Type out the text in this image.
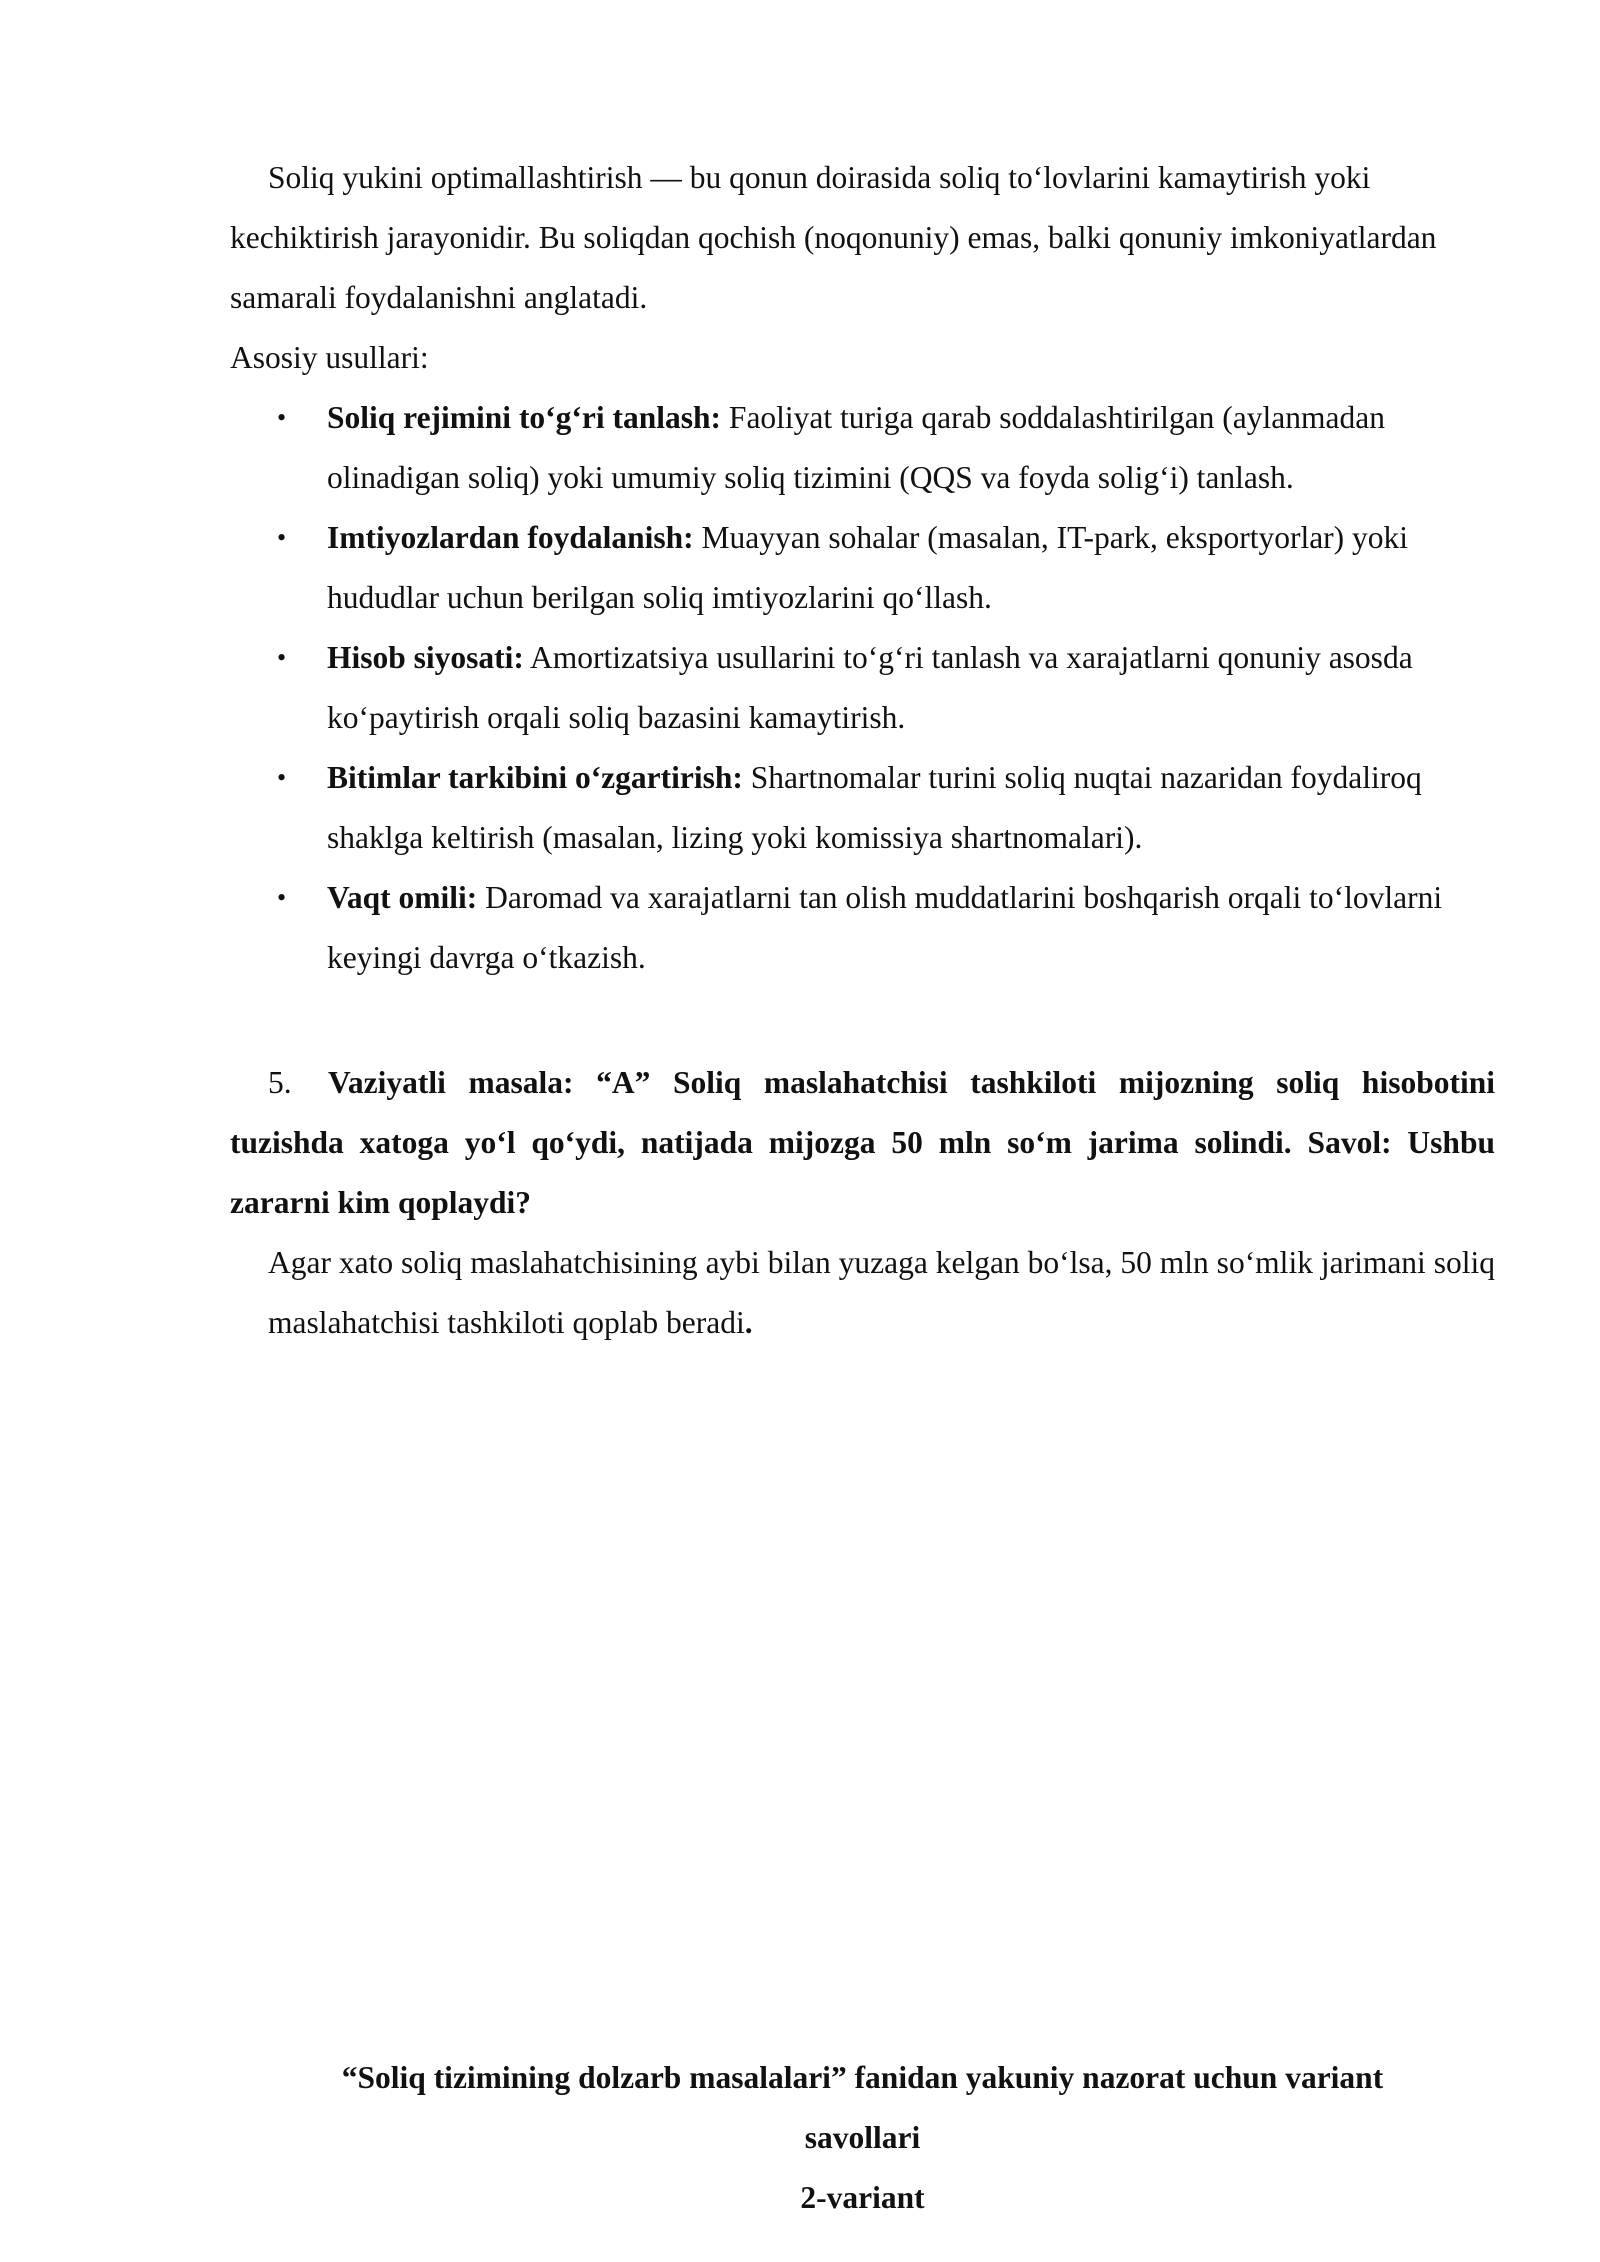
Soliq yukini optimallashtirish — bu qonun doirasida soliq to‘lovlarini kamaytirish yoki kechiktirish jarayonidir. Bu soliqdan qochish (noqonuniy) emas, balki qonuniy imkoniyatlardan samarali foydalanishni anglatadi.

Asosiy usullari:

• Soliq rejimini to‘g‘ri tanlash: Faoliyat turiga qarab soddalashtirilgan (aylanmadan olinadigan soliq) yoki umumiy soliq tizimini (QQS va foyda solig‘i) tanlash.
• Imtiyozlardan foydalanish: Muayyan sohalar (masalan, IT-park, eksportyorlar) yoki hududlar uchun berilgan soliq imtiyozlarini qo‘llash.
• Hisob siyosati: Amortizatsiya usullarini to‘g‘ri tanlash va xarajatlarni qonuniy asosda ko‘paytirish orqali soliq bazasini kamaytirish.
• Bitimlar tarkibini o‘zgartirish: Shartnomalar turini soliq nuqtai nazaridan foydaliroq shaklga keltirish (masalan, lizing yoki komissiya shartnomalari).
• Vaqt omili: Daromad va xarajatlarni tan olish muddatlarini boshqarish orqali to‘lovlarni keyingi davrga o‘tkazish.

5. Vaziyatli masala: “A” Soliq maslahatchisi tashkiloti mijozning soliq hisobotini tuzishda xatoga yo‘l qo‘ydi, natijada mijozga 50 mln so‘m jarima solindi. Savol: Ushbu zararni kim qoplaydi?

Agar xato soliq maslahatchisining aybi bilan yuzaga kelgan bo‘lsa, 50 mln so‘mlik jarimani soliq maslahatchisi tashkiloti qoplab beradi.

“Soliq tizimining dolzarb masalalari” fanidan yakuniy nazorat uchun variant
savollari
2-variant
